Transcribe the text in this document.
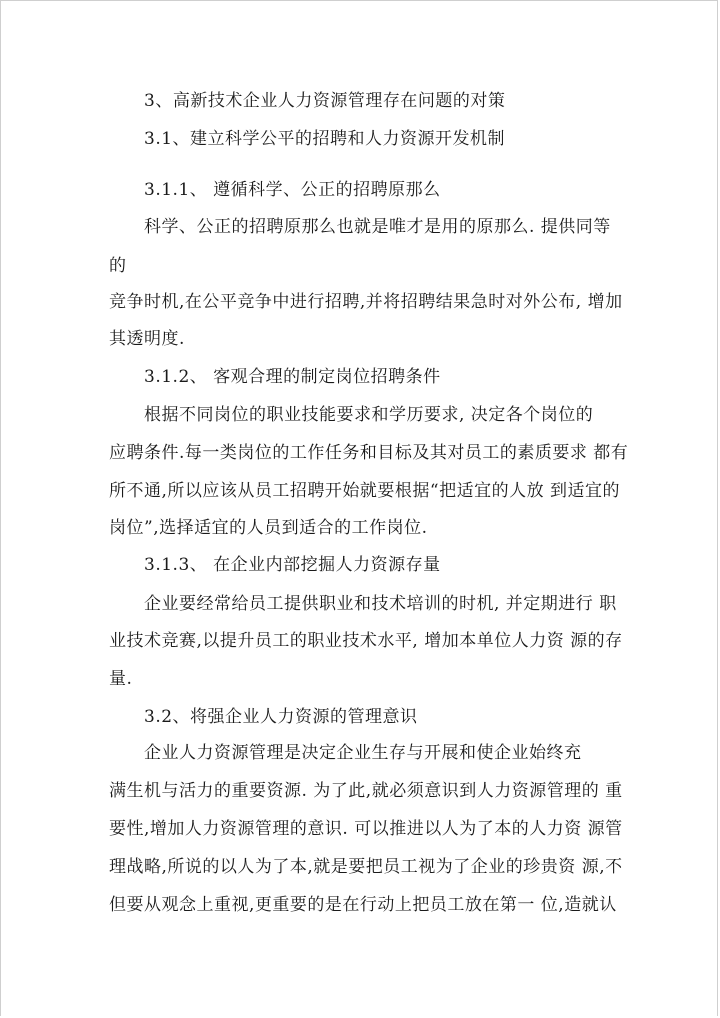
3、高新技术企业人力资源管理存在问题的对策
3.1、建立科学公平的招聘和人力资源开发机制
3.1.1、 遵循科学、公正的招聘原那么
科学、公正的招聘原那么也就是唯才是用的原那么. 提供同等
的
竞争时机,在公平竞争中进行招聘,并将招聘结果急时对外公布, 增加
其透明度.
3.1.2、 客观合理的制定岗位招聘条件
根据不同岗位的职业技能要求和学历要求, 决定各个岗位的
应聘条件.每一类岗位的工作任务和目标及其对员工的素质要求 都有
所不通,所以应该从员工招聘开始就要根据“把适宜的人放 到适宜的
岗位”,选择适宜的人员到适合的工作岗位.
3.1.3、 在企业内部挖掘人力资源存量
企业要经常给员工提供职业和技术培训的时机, 并定期进行 职
业技术竞赛,以提升员工的职业技术水平, 增加本单位人力资 源的存
量.
3.2、将强企业人力资源的管理意识
企业人力资源管理是决定企业生存与开展和使企业始终充
满生机与活力的重要资源. 为了此,就必须意识到人力资源管理的 重
要性,增加人力资源管理的意识. 可以推进以人为了本的人力资 源管
理战略,所说的以人为了本,就是要把员工视为了企业的珍贵资 源,不
但要从观念上重视,更重要的是在行动上把员工放在第一 位,造就认
